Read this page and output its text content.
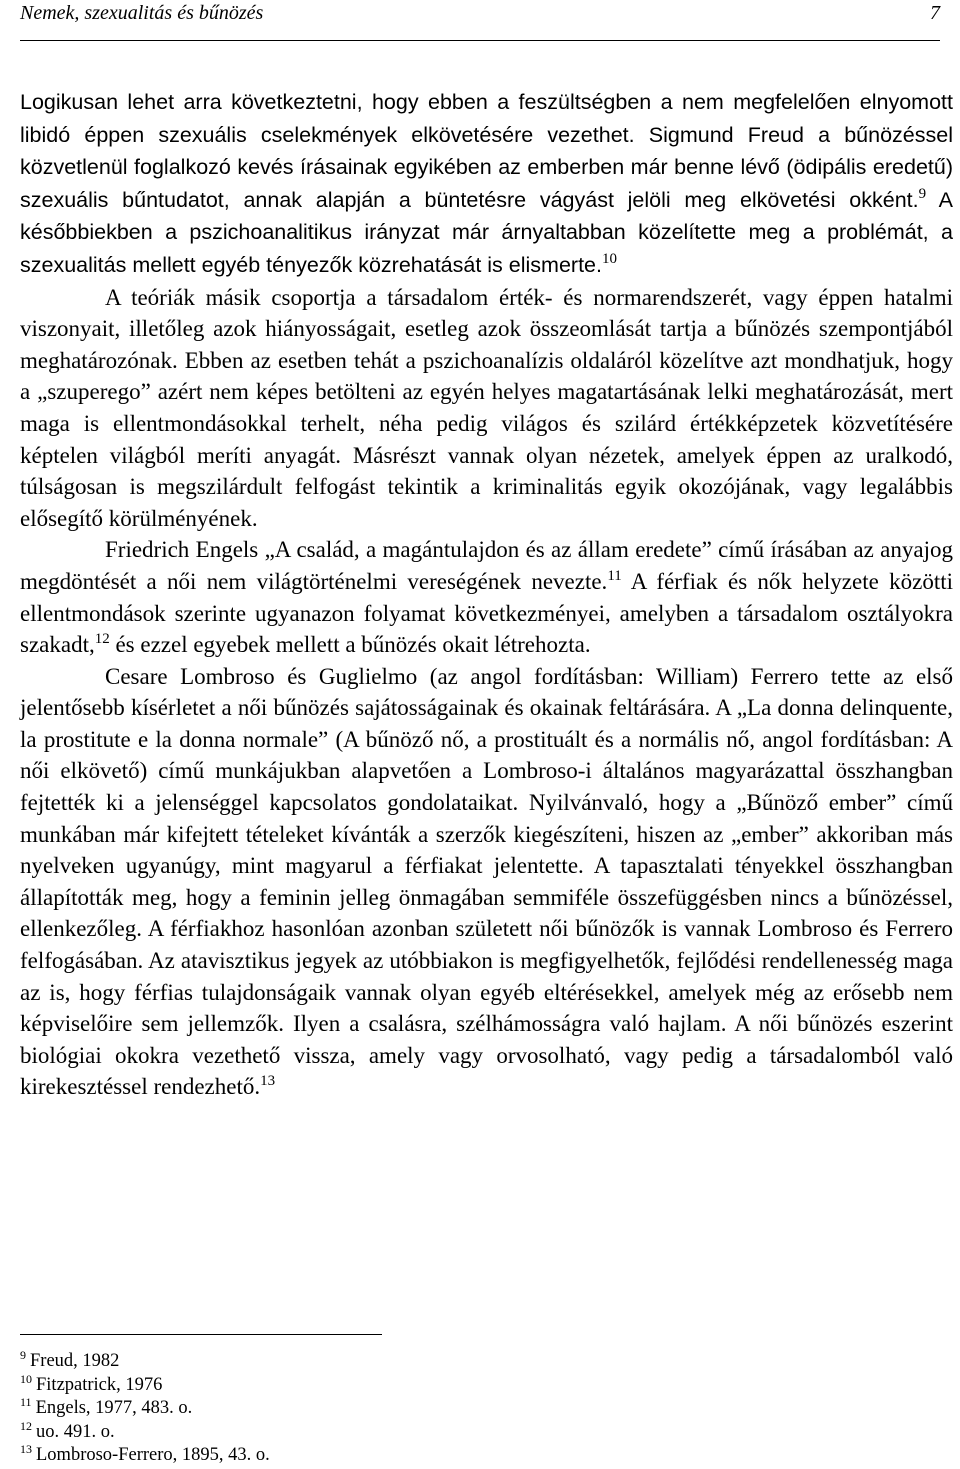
Nemek, szexualitás és bűnözés	7

Logikusan lehet arra következtetni, hogy ebben a feszültségben a nem megfelelően elnyomott libidó éppen szexuális cselekmények elkövetésére vezethet. Sigmund Freud a bűnözéssel közvetlenül foglalkozó kevés írásainak egyikében az emberben már benne lévő (ödipális eredetű) szexuális bűntudatot, annak alapján a büntetésre vágyást jelöli meg elkövetési okként.$^9$ A későbbiekben a pszichoanalitikus irányzat már árnyaltabban közelítette meg a problémát, a szexualitás mellett egyéb tényezők közrehatását is elismerte.$^{10}$

A teóriák másik csoportja a társadalom érték- és normarendszerét, vagy éppen hatalmi viszonyait, illetőleg azok hiányosságait, esetleg azok összeomlását tartja a bűnözés szempontjából meghatározónak. Ebben az esetben tehát a pszichoanalízis oldaláról közelítve azt mondhatjuk, hogy a „szuperego” azért nem képes betölteni az egyén helyes magatartásának lelki meghatározását, mert maga is ellentmondásokkal terhelt, néha pedig világos és szilárd értékképzetek közvetítésére képtelen világból meríti anyagát. Másrészt vannak olyan nézetek, amelyek éppen az uralkodó, túlságosan is megszilárdult felfogást tekintik a kriminalitás egyik okozójának, vagy legalábbis elősegítő körülményének.

Friedrich Engels „A család, a magántulajdon és az állam eredete” című írásában az anyajog megdöntését a női nem világtörténelmi vereségének nevezte.$^{11}$ A férfiak és nők helyzete közötti ellentmondások szerinte ugyanazon folyamat következményei, amelyben a társadalom osztályokra szakadt,$^{12}$ és ezzel egyebek mellett a bűnözés okait létrehozta.

Cesare Lombroso és Guglielmo (az angol fordításban: William) Ferrero tette az első jelentősebb kísérletet a női bűnözés sajátosságainak és okainak feltárására. A „La donna delinquente, la prostitute e la donna normale” (A bűnöző nő, a prostituált és a normális nő, angol fordításban: A női elkövető) című munkájukban alapvetően a Lombroso-i általános magyarázattal összhangban fejtették ki a jelenséggel kapcsolatos gondolataikat. Nyilvánvaló, hogy a „Bűnöző ember” című munkában már kifejtett tételeket kívánták a szerzők kiegészíteni, hiszen az „ember” akkoriban más nyelveken ugyanúgy, mint magyarul a férfiakat jelentette. A tapasztalati tényekkel összhangban állapították meg, hogy a feminin jelleg önmagában semmiféle összefüggésben nincs a bűnözéssel, ellenkezőleg. A férfiakhoz hasonlóan azonban született női bűnözők is vannak Lombroso és Ferrero felfogásában. Az atavisztikus jegyek az utóbbiakon is megfigyelhetők, fejlődési rendellenesség maga az is, hogy férfias tulajdonságaik vannak olyan egyéb eltérésekkel, amelyek még az erősebb nem képviselőire sem jellemzők. Ilyen a csalásra, szélhámosságra való hajlam. A női bűnözés eszerint biológiai okokra vezethető vissza, amely vagy orvosolható, vagy pedig a társadalomból való kirekesztéssel rendezhető.$^{13}$

$^9$ Freud, 1982
$^{10}$ Fitzpatrick, 1976
$^{11}$ Engels, 1977, 483. o.
$^{12}$ uo. 491. o.
$^{13}$ Lombroso-Ferrero, 1895, 43. o.
